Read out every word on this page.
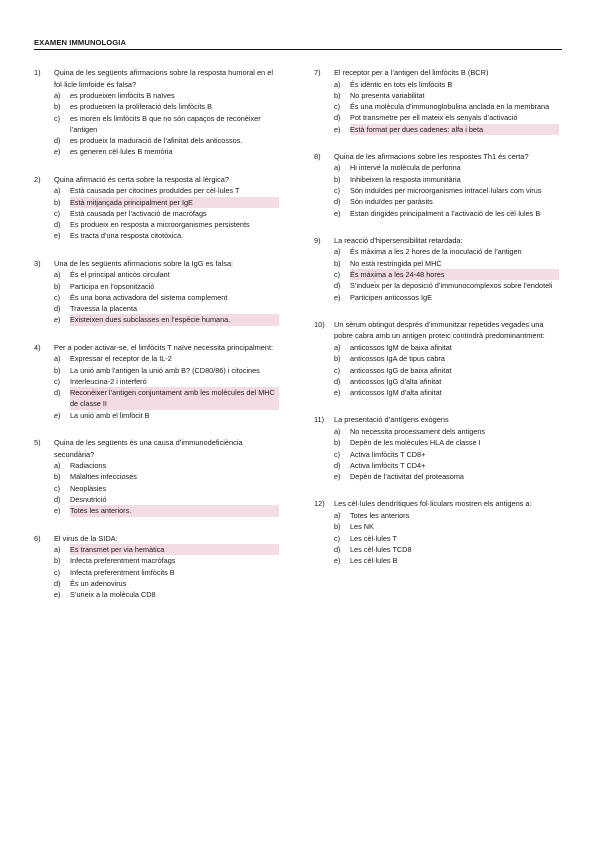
EXAMEN IMMUNOLOGIA
1)	Quina de les següents afirmacions sobre la resposta humoral en el fol·licle limfoide és falsa?
a)	es produeixen limfòcits B naïves
b)	es produeixen la proliferació dels limfòcits B
c)	es moren els limfòcits B que no són capaços de reconèixer l’antigen
d)	es produeix la maduració de l’afinitat dels anticossos.
e)	es generen cèl·lules B memòria
2)	Quina afirmació és certa sobre la resposta al·lèrgica?
a)	Està causada per citocines produïdes per cèl·lules T
b)	Està mitjançada principalment per IgE
c)	Està causada per l’activació de macròfags
d)	Es produeix en resposta a microorganismes persistents
e)	Es tracta d’una resposta citotòxica.
3)	Una de les següents afirmacions sobre la IgG es falsa:
a)	És el principal anticòs circulant
b)	Participa en l’opsonització
c)	És una bona activadora del sistema complement
d)	Travessa la placenta
e)	Existeixen dues subclasses en l’espècie humana.
4)	Per a poder activar-se, el limfòcits T naïve necessita principalment:
a)	Expressar el receptor de la IL-2
b)	La unió amb l’antigen la unió amb B? (CD80/86) i citocines
c)	Interleucina-2 i interferó
d)	Reconèixer l’antigen conjuntament amb les molècules del MHC de classe II
e)	La unió amb el limfòcit B
5)	Quina de les següents és una causa d’immunodeficiència secundària?
a)	Radiacions
b)	Malalties infeccioses
c)	Neoplàsies
d)	Desnutrició
e)	Totes les anteriors.
6)	El virus de la SIDA:
a)	Es transmet per via hemàtica
b)	Infecta preferentment macròfags
c)	Infecta preferentment limfòcits B
d)	És un adenovirus
e)	S’uneix a la molècula CD8
7)	El receptor per a l’antigen del limfòcits B (BCR)
a)	És idèntic en tots els limfòcits B
b)	No presenta variabilitat
c)	És una molècula d’immunoglobulina anclada en la membrana
d)	Pot transmetre per ell mateix els senyals d’activació
e)	Està format per dues cadenes: alfa i beta
8)	Quina de les afirmacions sobre les respostes Th1 és certa?
a)	Hi intervé la molècula de perforina
b)	Inhibeixen la resposta immunitària
c)	Són induïdes per microorganismes intracel·lulars com virus
d)	Són induïdes per paràsits
e)	Estan dirigides principalment a l’activació de les cèl·lules B
9)	La reacció d’hipersensibilitat retardada:
a)	És màxima a les 2 hores de la inoculació de l’antigen
b)	No està restringida pel MHC
c)	És màxima a les 24-48 hores
d)	S’indueix per la deposició d’immunocomplexos sobre l’endoteli
e)	Participen anticossos IgE
10)	Un sèrum obtingut després d’immunitzar repetides vegades una pobre cabra amb un antigen proteic contindrà predominantment:
a)	anticossos IgM de baixa afinitat
b)	anticossos IgA de tipus cabra
c)	anticossos IgG de baixa afinitat
d)	anticossos IgG d’alta afinitat
e)	anticossos IgM d’alta afinitat
11)	La presentació d’antígens exògens
a)	No necessita processament dels antigens
b)	Depèn de les molècules HLA de classe I
c)	Activa limfòcits T CD8+
d)	Activa limfòcits T CD4+
e)	Depèn de l’activitat del proteasoma
12)	Les cèl·lules dendrítiques fol·liculars mostren els antigens a:
a)	Totes les anteriors
b)	Les NK
c)	Les cèl·lules T
d)	Les cèl·lules TCD8
e)	Les cèl·lules B
